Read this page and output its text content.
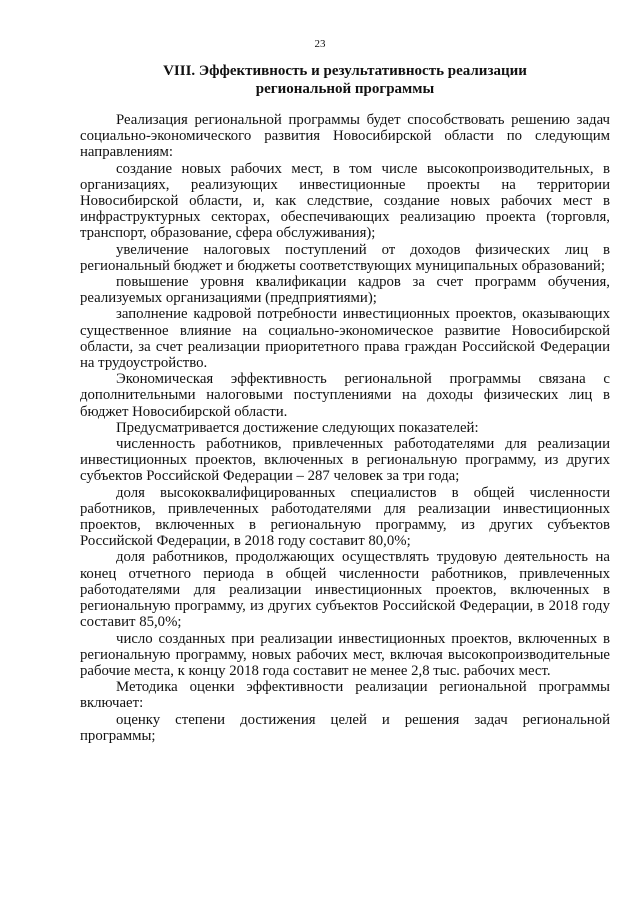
23
VIII. Эффективность и результативность реализации
региональной программы

Реализация региональной программы будет способствовать решению задач социально-экономического развития Новосибирской области по следующим направлениям:

создание новых рабочих мест, в том числе высокопроизводительных, в организациях, реализующих инвестиционные проекты на территории Новосибирской области, и, как следствие, создание новых рабочих мест в инфраструктурных секторах, обеспечивающих реализацию проекта (торговля, транспорт, образование, сфера обслуживания);

увеличение налоговых поступлений от доходов физических лиц в региональный бюджет и бюджеты соответствующих муниципальных образований;

повышение уровня квалификации кадров за счет программ обучения, реализуемых организациями (предприятиями);

заполнение кадровой потребности инвестиционных проектов, оказывающих существенное влияние на социально-экономическое развитие Новосибирской области, за счет реализации приоритетного права граждан Российской Федерации на трудоустройство.

Экономическая эффективность региональной программы связана с дополнительными налоговыми поступлениями на доходы физических лиц в бюджет Новосибирской области.

Предусматривается достижение следующих показателей:

численность работников, привлеченных работодателями для реализации инвестиционных проектов, включенных в региональную программу, из других субъектов Российской Федерации – 287 человек за три года;

доля высококвалифицированных специалистов в общей численности работников, привлеченных работодателями для реализации инвестиционных проектов, включенных в региональную программу, из других субъектов Российской Федерации, в 2018 году составит 80,0%;

доля работников, продолжающих осуществлять трудовую деятельность на конец отчетного периода в общей численности работников, привлеченных работодателями для реализации инвестиционных проектов, включенных в региональную программу, из других субъектов Российской Федерации, в 2018 году составит 85,0%;

число созданных при реализации инвестиционных проектов, включенных в региональную программу, новых рабочих мест, включая высокопроизводительные рабочие места, к концу 2018 года составит не менее 2,8 тыс. рабочих мест.

Методика оценки эффективности реализации региональной программы включает:

оценку степени достижения целей и решения задач региональной программы;
